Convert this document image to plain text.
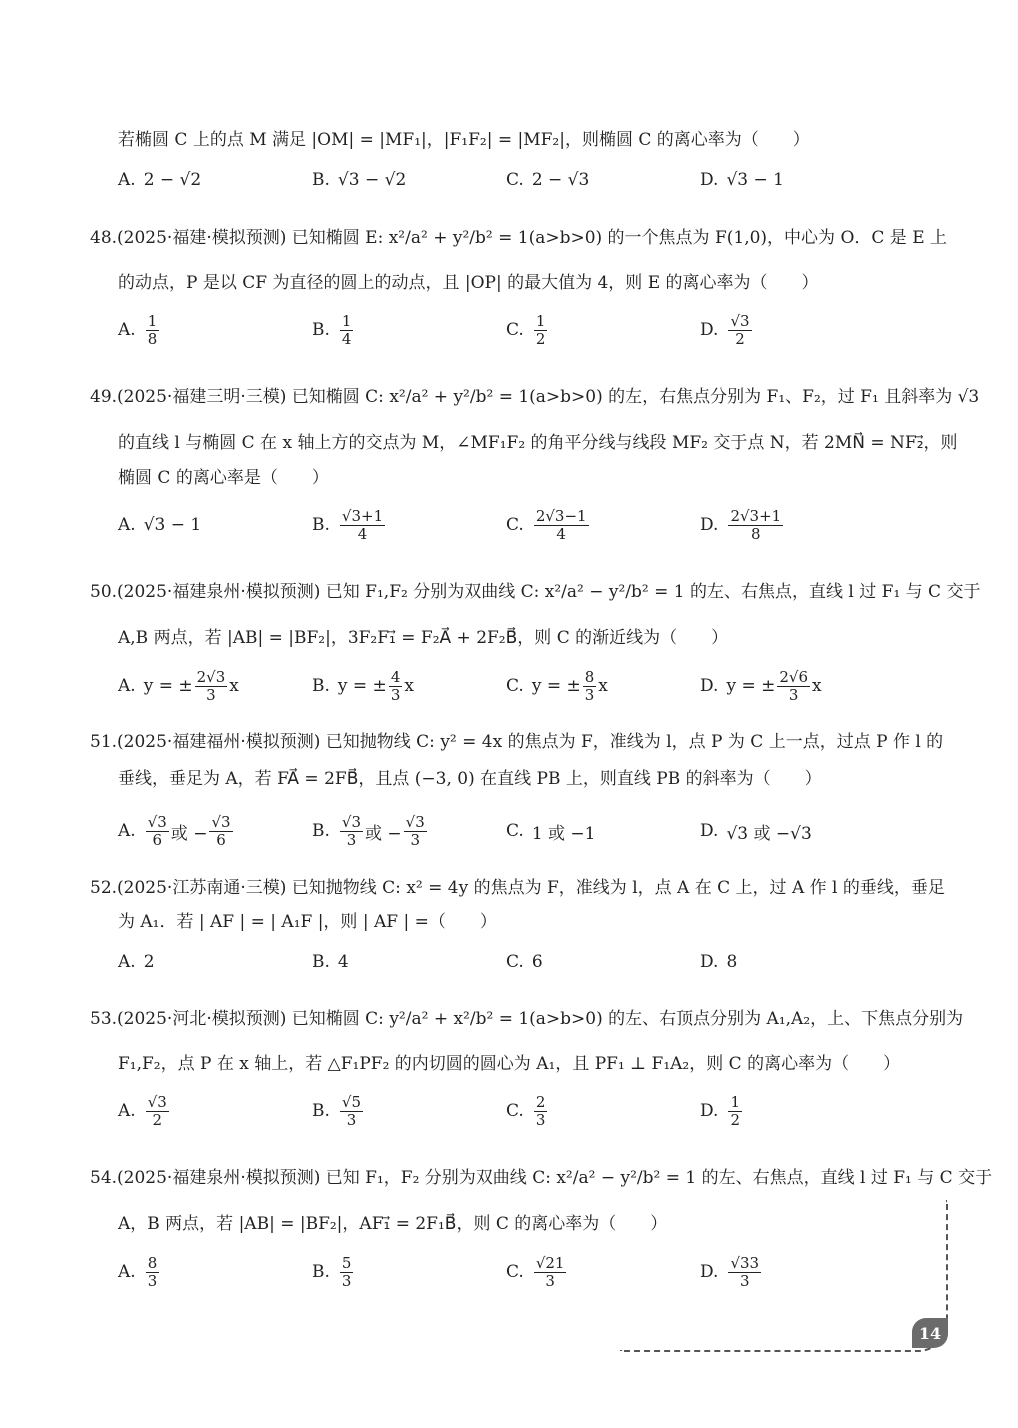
若椭圆 C 上的点 M 满足 |OM| = |MF₁|，|F₁F₂| = |MF₂|，则椭圆 C 的离心率为（　　）
A. 2 − √2	B. √3 − √2	C. 2 − √3	D. √3 − 1
48.(2025·福建·模拟预测) 已知椭圆 E: x²/a² + y²/b² = 1(a>b>0) 的一个焦点为 F(1,0)，中心为 O．C 是 E 上
的动点，P 是以 CF 为直径的圆上的动点，且 |OP| 的最大值为 4，则 E 的离心率为（　　）
A. $\frac{1}{8}$	B. $\frac{1}{4}$	C. $\frac{1}{2}$	D. $\frac{√3}{2}$
49.(2025·福建三明·三模) 已知椭圆 C: x²/a² + y²/b² = 1(a>b>0) 的左，右焦点分别为 F₁、F₂，过 F₁ 且斜率为 √3
的直线 l 与椭圆 C 在 x 轴上方的交点为 M，∠MF₁F₂ 的角平分线与线段 MF₂ 交于点 N，若 2MN⃗ = NF₂⃗，则
椭圆 C 的离心率是（　　）
A. √3 − 1	B. $\frac{√3+1}{4}$	C. $\frac{2√3-1}{4}$	D. $\frac{2√3+1}{8}$
50.(2025·福建泉州·模拟预测) 已知 F₁,F₂ 分别为双曲线 C: x²/a² − y²/b² = 1 的左、右焦点，直线 l 过 F₁ 与 C 交于
A,B 两点，若 |AB| = |BF₂|，3F₂F₁⃗ = F₂A⃗ + 2F₂B⃗，则 C 的渐近线为（　　）
A. y = ± $\frac{2√3}{3}$ x	B. y = ± $\frac{4}{3}$ x	C. y = ± $\frac{8}{3}$ x	D. y = ± $\frac{2√6}{3}$ x
51.(2025·福建福州·模拟预测) 已知抛物线 C: y² = 4x 的焦点为 F，准线为 l，点 P 为 C 上一点，过点 P 作 l 的
垂线，垂足为 A，若 FA⃗ = 2FB⃗，且点 (−3, 0) 在直线 PB 上，则直线 PB 的斜率为（　　）
A. $\frac{√3}{6}$ 或 − $\frac{√3}{6}$	B. $\frac{√3}{3}$ 或 − $\frac{√3}{3}$	C. 1 或 −1	D. √3 或 −√3
52.(2025·江苏南通·三模) 已知抛物线 C: x² = 4y 的焦点为 F，准线为 l，点 A 在 C 上，过 A 作 l 的垂线，垂足
为 A₁．若 | AF | = | A₁F |，则 | AF | =（　　）
A. 2	B. 4	C. 6	D. 8
53.(2025·河北·模拟预测) 已知椭圆 C: y²/a² + x²/b² = 1(a>b>0) 的左、右顶点分别为 A₁,A₂，上、下焦点分别为
F₁,F₂，点 P 在 x 轴上，若 △F₁PF₂ 的内切圆的圆心为 A₁，且 PF₁ ⊥ F₁A₂，则 C 的离心率为（　　）
A. $\frac{√3}{2}$	B. $\frac{√5}{3}$	C. $\frac{2}{3}$	D. $\frac{1}{2}$
54.(2025·福建泉州·模拟预测) 已知 F₁，F₂ 分别为双曲线 C: x²/a² − y²/b² = 1 的左、右焦点，直线 l 过 F₁ 与 C 交于
A，B 两点，若 |AB| = |BF₂|，AF₁⃗ = 2F₁B⃗，则 C 的离心率为（　　）
A. $\frac{8}{3}$	B. $\frac{5}{3}$	C. $\frac{√21}{3}$	D. $\frac{√33}{3}$
14
